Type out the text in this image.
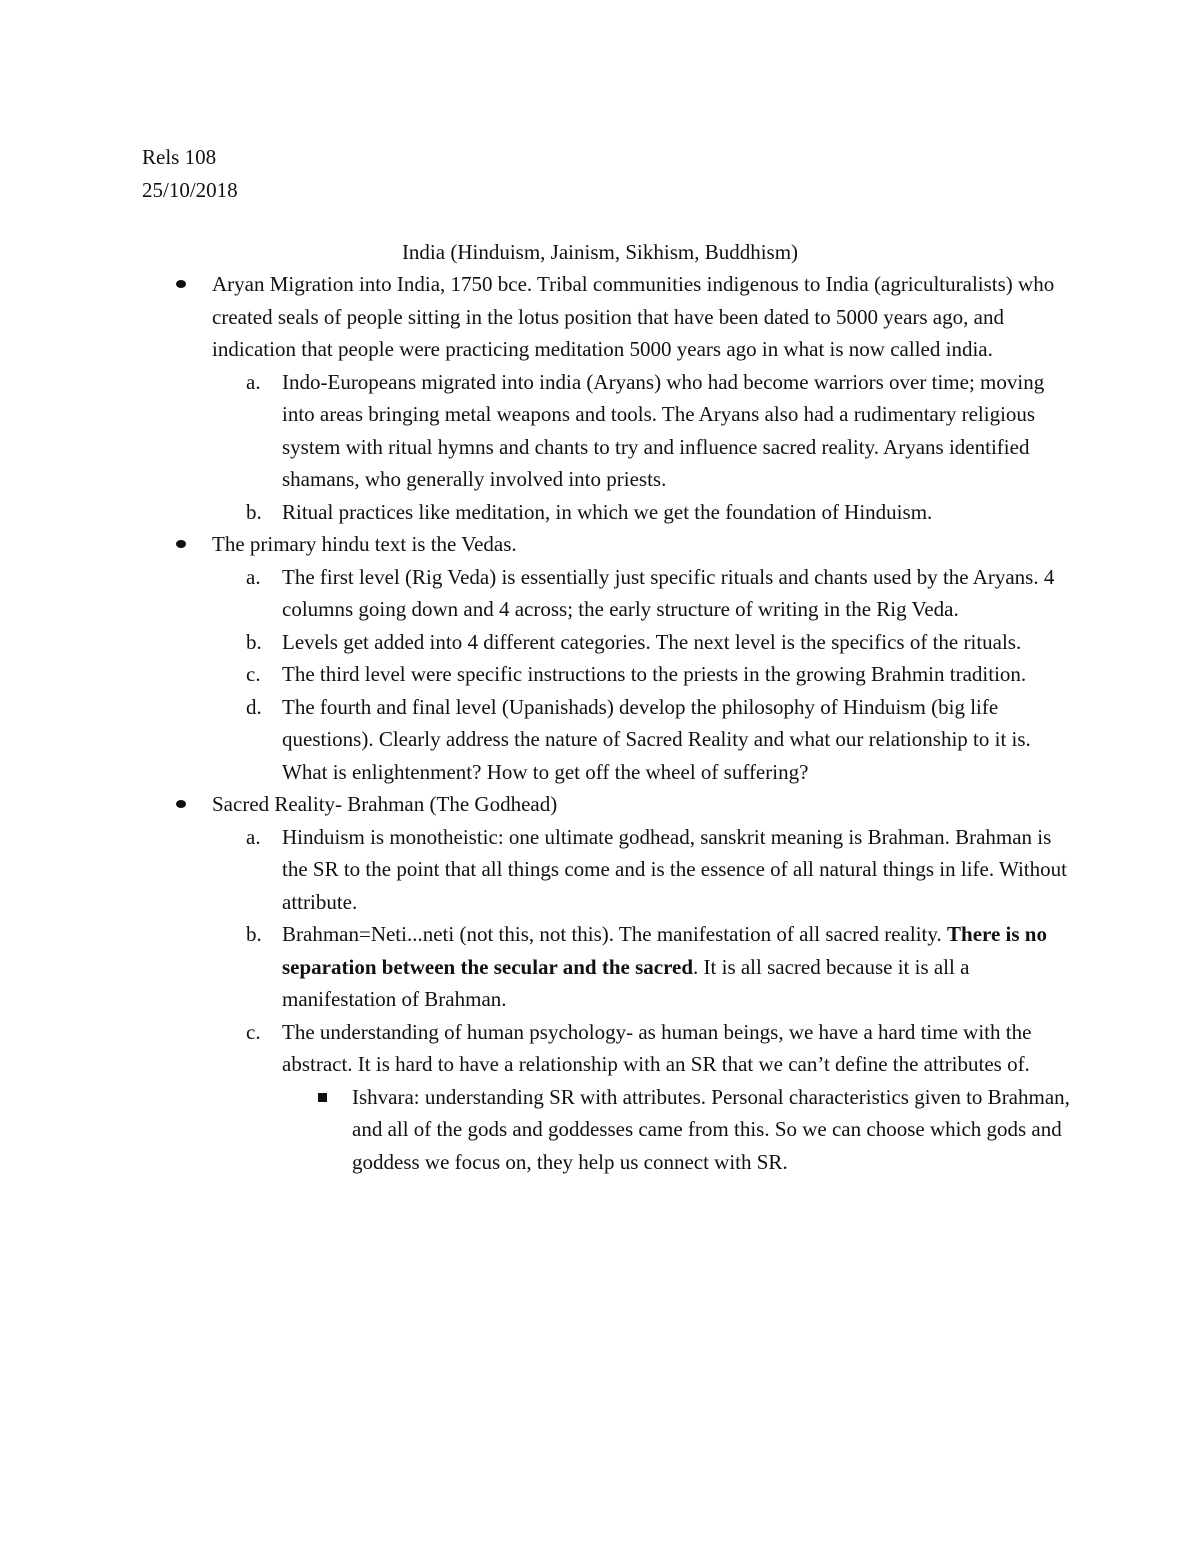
Rels 108
25/10/2018
India (Hinduism, Jainism, Sikhism, Buddhism)
Aryan Migration into India, 1750 bce. Tribal communities indigenous to India (agriculturalists) who created seals of people sitting in the lotus position that have been dated to 5000 years ago, and indication that people were practicing meditation 5000 years ago in what is now called india.
a. Indo-Europeans migrated into india (Aryans) who had become warriors over time; moving into areas bringing metal weapons and tools. The Aryans also had a rudimentary religious system with ritual hymns and chants to try and influence sacred reality. Aryans identified shamans, who generally involved into priests.
b. Ritual practices like meditation, in which we get the foundation of Hinduism.
The primary hindu text is the Vedas.
a. The first level (Rig Veda) is essentially just specific rituals and chants used by the Aryans. 4 columns going down and 4 across; the early structure of writing in the Rig Veda.
b. Levels get added into 4 different categories. The next level is the specifics of the rituals.
c. The third level were specific instructions to the priests in the growing Brahmin tradition.
d. The fourth and final level (Upanishads) develop the philosophy of Hinduism (big life questions). Clearly address the nature of Sacred Reality and what our relationship to it is. What is enlightenment? How to get off the wheel of suffering?
Sacred Reality- Brahman (The Godhead)
a. Hinduism is monotheistic: one ultimate godhead, sanskrit meaning is Brahman. Brahman is the SR to the point that all things come and is the essence of all natural things in life. Without attribute.
b. Brahman=Neti...neti (not this, not this). The manifestation of all sacred reality. There is no separation between the secular and the sacred. It is all sacred because it is all a manifestation of Brahman.
c. The understanding of human psychology- as human beings, we have a hard time with the abstract. It is hard to have a relationship with an SR that we can’t define the attributes of.
Ishvara: understanding SR with attributes. Personal characteristics given to Brahman, and all of the gods and goddesses came from this. So we can choose which gods and goddess we focus on, they help us connect with SR.
